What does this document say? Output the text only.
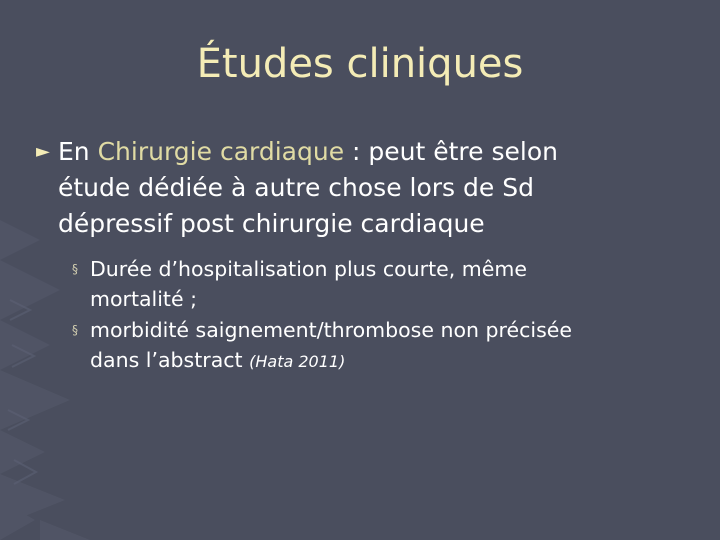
Études cliniques
► En Chirurgie cardiaque : peut être selon
étude dédiée à autre chose lors de Sd
dépressif post chirurgie cardiaque
§ Durée d’hospitalisation plus courte, même
mortalité ;
§ morbidité saignement/thrombose non précisée
dans l’abstract (Hata 2011)
